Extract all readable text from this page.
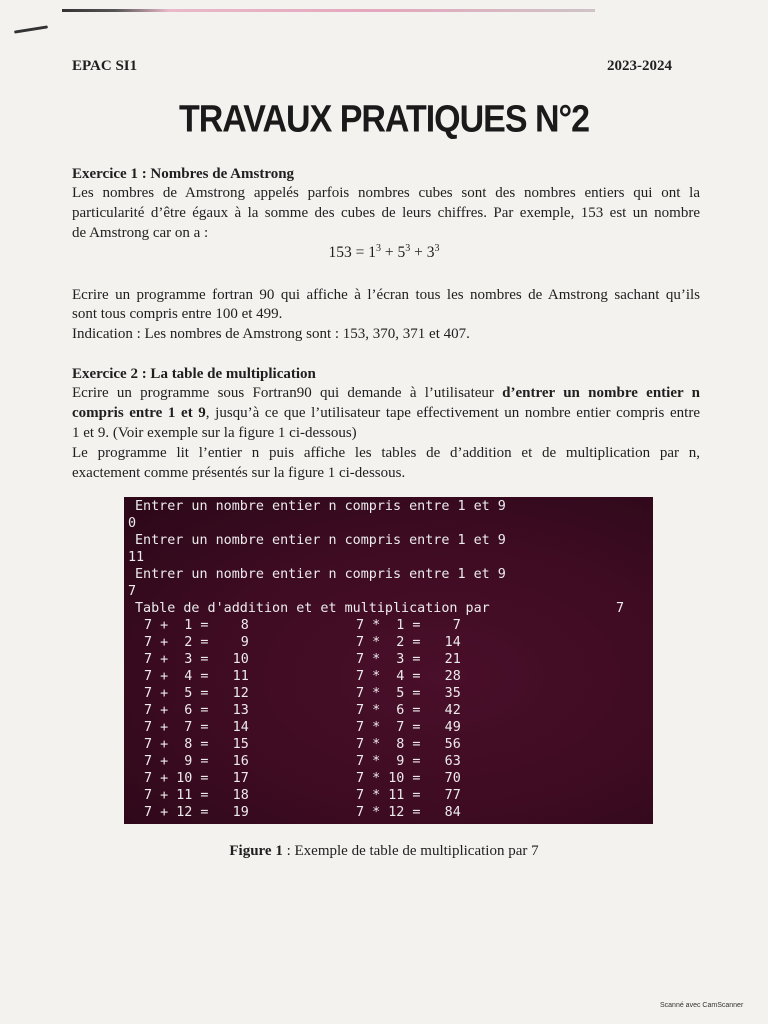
EPAC SI1	2023-2024
TRAVAUX PRATIQUES N°2
Exercice 1 : Nombres de Amstrong
Les nombres de Amstrong appelés parfois nombres cubes sont des nombres entiers qui ont la
particularité d’être égaux à la somme des cubes de leurs chiffres. Par exemple, 153 est un nombre
de Amstrong car on a :
$153 = 1^3 + 5^3 + 3^3$
Ecrire un programme fortran 90 qui affiche à l’écran tous les nombres de Amstrong sachant qu’ils
sont tous compris entre 100 et 499.
Indication : Les nombres de Amstrong sont : 153, 370, 371 et 407.
Exercice 2 : La table de multiplication
Ecrire un programme sous Fortran90 qui demande à l’utilisateur d’entrer un nombre entier n
compris entre 1 et 9, jusqu’à ce que l’utilisateur tape effectivement un nombre entier compris entre
1 et 9. (Voir exemple sur la figure 1 ci-dessous)
Le programme lit l’entier n puis affiche les tables de d’addition et de multiplication par n,
exactement comme présentés sur la figure 1 ci-dessous.
Entrer un nombre entier n compris entre 1 et 9
0
Entrer un nombre entier n compris entre 1 et 9
11
Entrer un nombre entier n compris entre 1 et 9
7
Table de d'addition et et multiplication par	7
7 +  1 =    8
7 +  2 =    9
7 +  3 =   10
7 +  4 =   11
7 +  5 =   12
7 +  6 =   13
7 +  7 =   14
7 +  8 =   15
7 +  9 =   16
7 + 10 =   17
7 + 11 =   18
7 + 12 =   19
7 *  1 =    7
7 *  2 =   14
7 *  3 =   21
7 *  4 =   28
7 *  5 =   35
7 *  6 =   42
7 *  7 =   49
7 *  8 =   56
7 *  9 =   63
7 * 10 =   70
7 * 11 =   77
7 * 12 =   84
Figure 1 : Exemple de table de multiplication par 7
Scanné avec CamScanner
